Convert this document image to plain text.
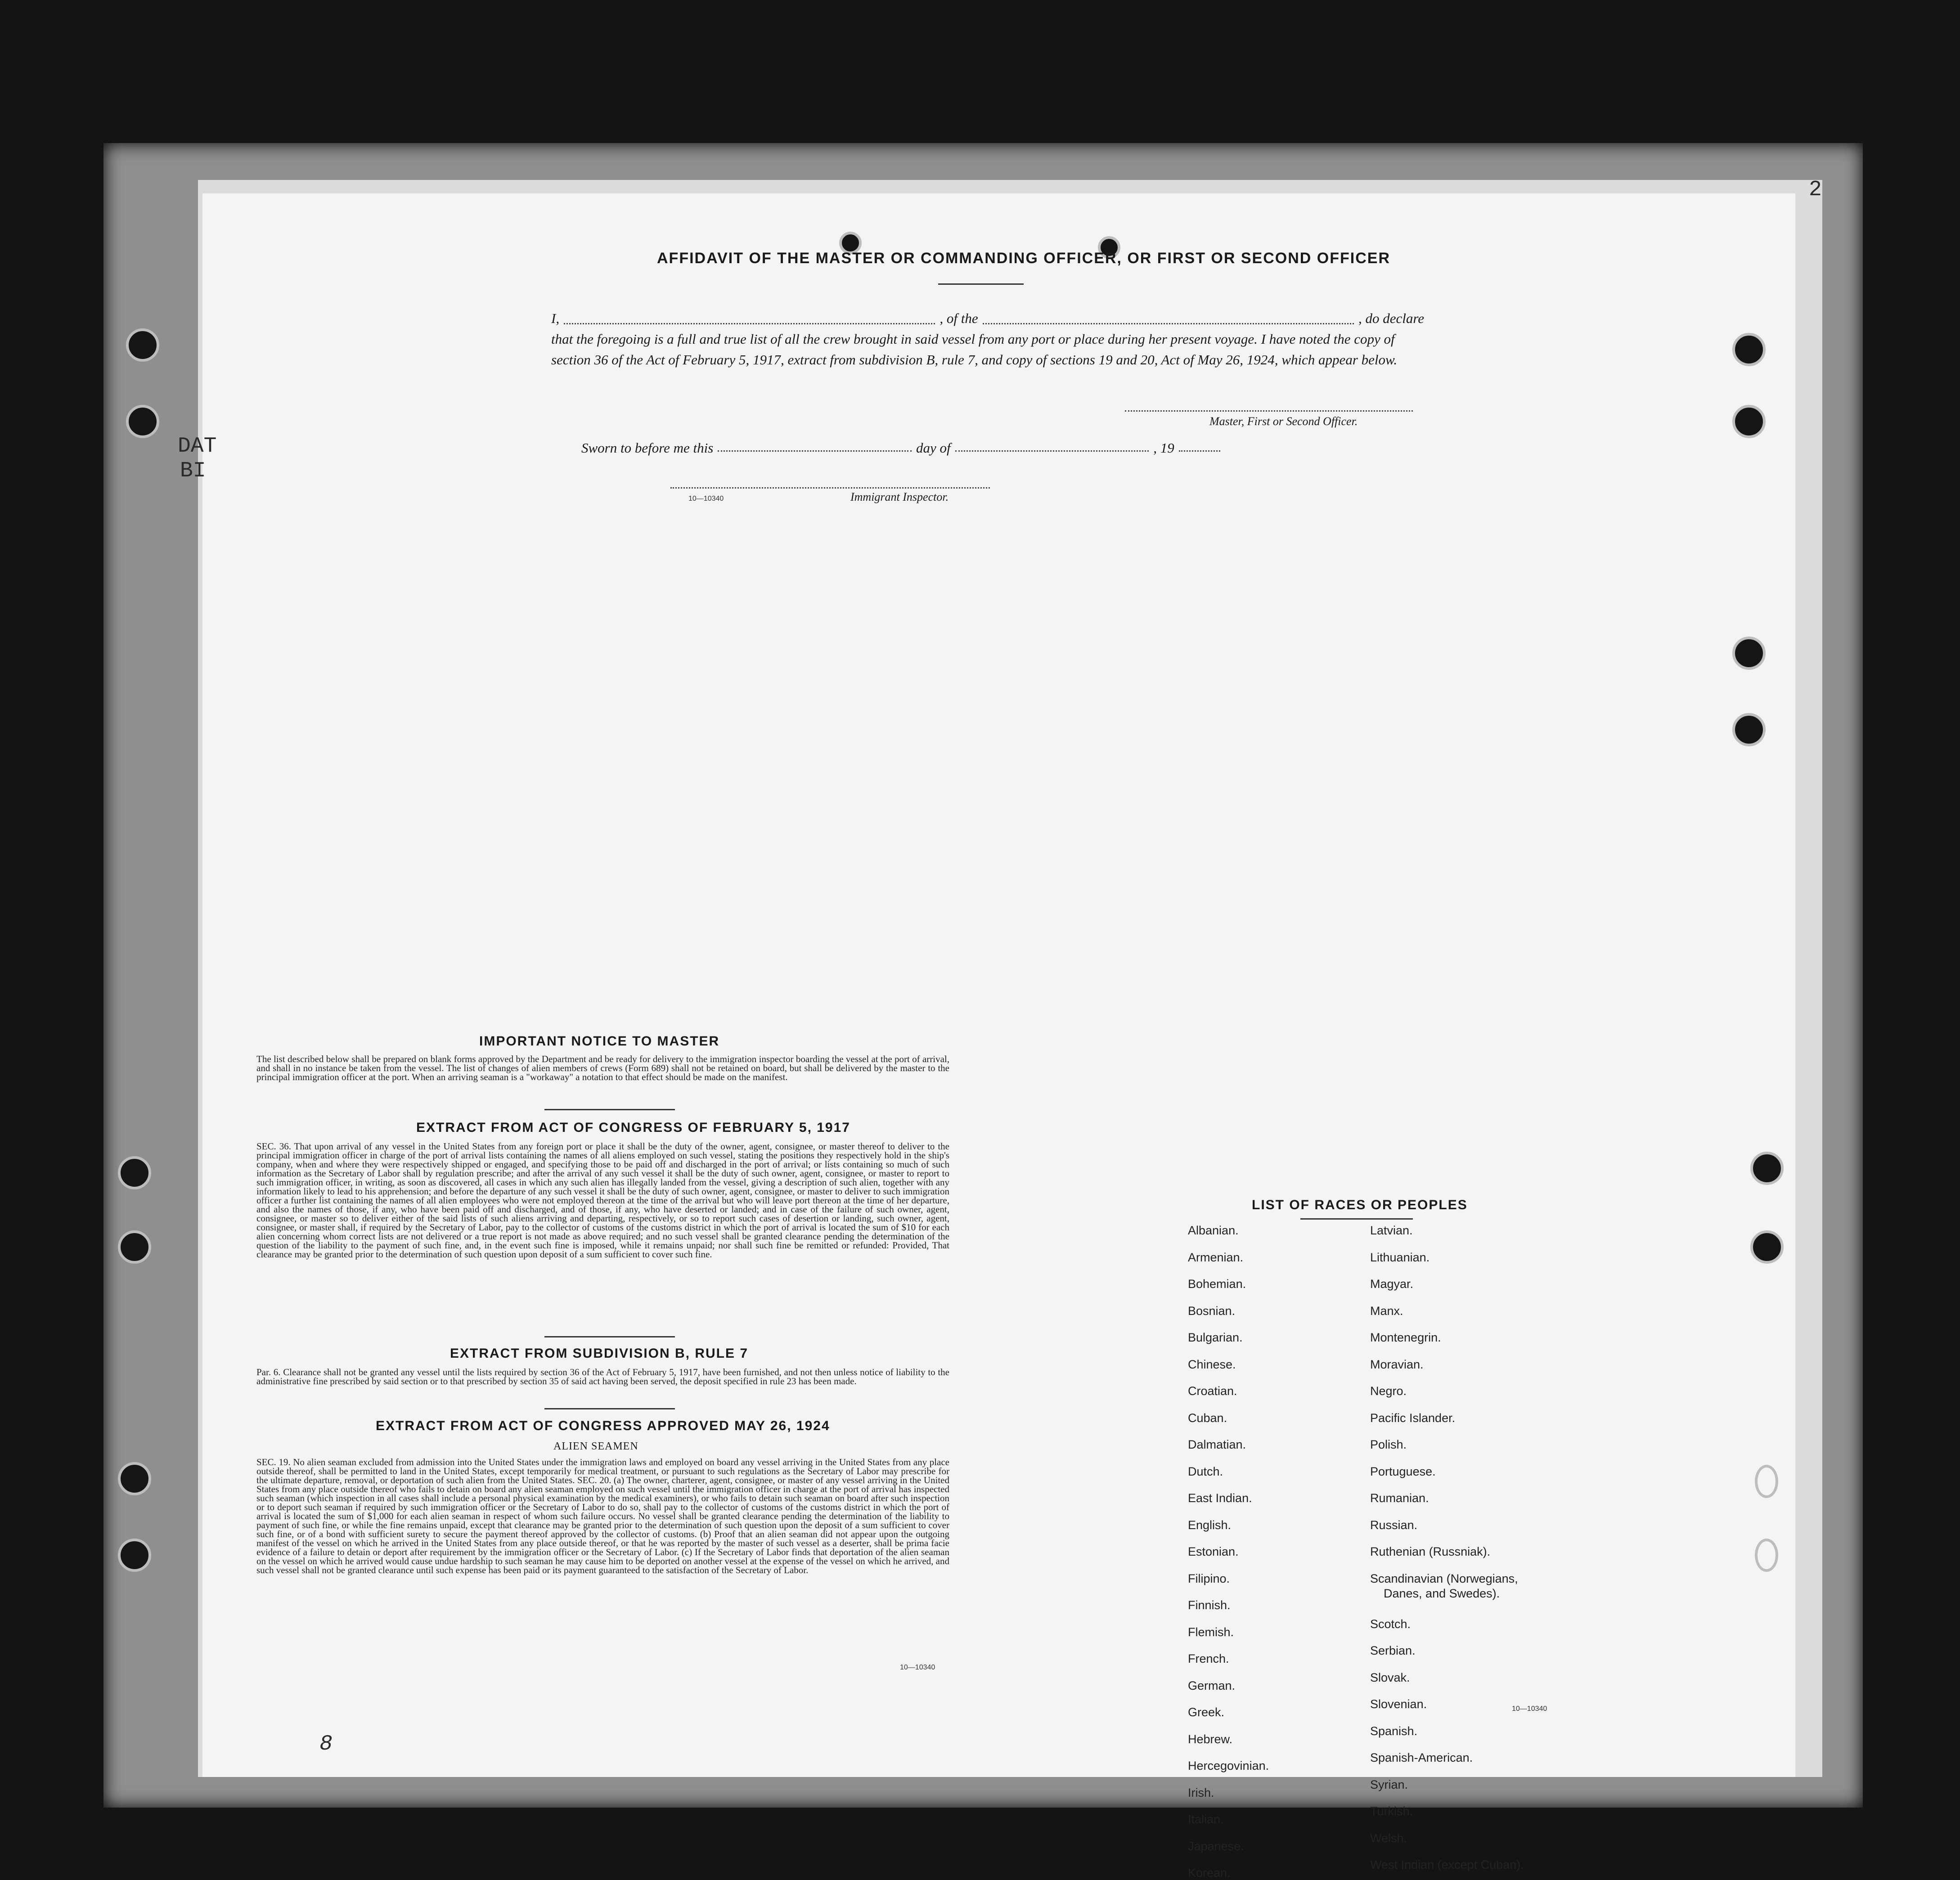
AFFIDAVIT OF THE MASTER OR COMMANDING OFFICER, OR FIRST OR SECOND OFFICER
I,	, of the	, do declare
that the foregoing is a full and true list of all the crew brought in said vessel from any port or place during her present voyage. I have noted the copy of section 36 of the Act of February 5, 1917, extract from subdivision B, rule 7, and copy of sections 19 and 20, Act of May 26, 1924, which appear below.
Master, First or Second Officer.
Sworn to before me this	day of	, 19
10—10340	Immigrant Inspector.
IMPORTANT NOTICE TO MASTER
The list described below shall be prepared on blank forms approved by the Department and be ready for delivery to the immigration inspector boarding the vessel at the port of arrival, and shall in no instance be taken from the vessel. The list of changes of alien members of crews (Form 689) shall not be retained on board, but shall be delivered by the master to the principal immigration officer at the port. When an arriving seaman is a "workaway" a notation to that effect should be made on the manifest.
EXTRACT FROM ACT OF CONGRESS OF FEBRUARY 5, 1917
SEC. 36. That upon arrival of any vessel in the United States from any foreign port or place it shall be the duty of the owner, agent, consignee, or master thereof to deliver to the principal immigration officer in charge of the port of arrival lists containing the names of all aliens employed on such vessel, stating the positions they respectively hold in the ship's company, when and where they were respectively shipped or engaged, and specifying those to be paid off and discharged in the port of arrival; or lists containing so much of such information as the Secretary of Labor shall by regulation prescribe; and after the arrival of any such vessel it shall be the duty of such owner, agent, consignee, or master to report to such immigration officer, in writing, as soon as discovered, all cases in which any such alien has illegally landed from the vessel, giving a description of such alien, together with any information likely to lead to his apprehension; and before the departure of any such vessel it shall be the duty of such owner, agent, consignee, or master to deliver to such immigration officer a further list containing the names of all alien employees who were not employed thereon at the time of the arrival but who will leave port thereon at the time of her departure, and also the names of those, if any, who have been paid off and discharged, and of those, if any, who have deserted or landed; and in case of the failure of such owner, agent, consignee, or master so to deliver either of the said lists of such aliens arriving and departing, respectively, or so to report such cases of desertion or landing, such owner, agent, consignee, or master shall, if required by the Secretary of Labor, pay to the collector of customs of the customs district in which the port of arrival is located the sum of $10 for each alien concerning whom correct lists are not delivered or a true report is not made as above required; and no such vessel shall be granted clearance pending the determination of the question of the liability to the payment of such fine, and, in the event such fine is imposed, while it remains unpaid; nor shall such fine be remitted or refunded: Provided, That clearance may be granted prior to the determination of such question upon deposit of a sum sufficient to cover such fine.
EXTRACT FROM SUBDIVISION B, RULE 7
Par. 6. Clearance shall not be granted any vessel until the lists required by section 36 of the Act of February 5, 1917, have been furnished, and not then unless notice of liability to the administrative fine prescribed by said section or to that prescribed by section 35 of said act having been served, the deposit specified in rule 23 has been made.
EXTRACT FROM ACT OF CONGRESS APPROVED MAY 26, 1924
ALIEN SEAMEN
SEC. 19. No alien seaman excluded from admission into the United States under the immigration laws and employed on board any vessel arriving in the United States from any place outside thereof, shall be permitted to land in the United States, except temporarily for medical treatment, or pursuant to such regulations as the Secretary of Labor may prescribe for the ultimate departure, removal, or deportation of such alien from the United States. SEC. 20. (a) The owner, charterer, agent, consignee, or master of any vessel arriving in the United States from any place outside thereof who fails to detain on board any alien seaman employed on such vessel until the immigration officer in charge at the port of arrival has inspected such seaman (which inspection in all cases shall include a personal physical examination by the medical examiners), or who fails to detain such seaman on board after such inspection or to deport such seaman if required by such immigration officer or the Secretary of Labor to do so, shall pay to the collector of customs of the customs district in which the port of arrival is located the sum of $1,000 for each alien seaman in respect of whom such failure occurs. No vessel shall be granted clearance pending the determination of the liability to payment of such fine, or while the fine remains unpaid, except that clearance may be granted prior to the determination of such question upon the deposit of a sum sufficient to cover such fine, or of a bond with sufficient surety to secure the payment thereof approved by the collector of customs. (b) Proof that an alien seaman did not appear upon the outgoing manifest of the vessel on which he arrived in the United States from any place outside thereof, or that he was reported by the master of such vessel as a deserter, shall be prima facie evidence of a failure to detain or deport after requirement by the immigration officer or the Secretary of Labor. (c) If the Secretary of Labor finds that deportation of the alien seaman on the vessel on which he arrived would cause undue hardship to such seaman he may cause him to be deported on another vessel at the expense of the vessel on which he arrived, and such vessel shall not be granted clearance until such expense has been paid or its payment guaranteed to the satisfaction of the Secretary of Labor.
10—10340
LIST OF RACES OR PEOPLES
10—10340
Albanian.
Armenian.
Bohemian.
Bosnian.
Bulgarian.
Chinese.
Croatian.
Cuban.
Dalmatian.
Dutch.
East Indian.
English.
Estonian.
Filipino.
Finnish.
Flemish.
French.
German.
Greek.
Hebrew.
Hercegovinian.
Irish.
Italian.
Japanese.
Korean.
Latvian.
Lithuanian.
Magyar.
Manx.
Montenegrin.
Moravian.
Negro.
Pacific Islander.
Polish.
Portuguese.
Rumanian.
Russian.
Ruthenian (Russniak).
Scandinavian (Norwegians,
Danes, and Swedes).
Scotch.
Serbian.
Slovak.
Slovenian.
Spanish.
Spanish-American.
Syrian.
Turkish.
Welsh.
West Indian (except Cuban).
2
DAT
BI
8
